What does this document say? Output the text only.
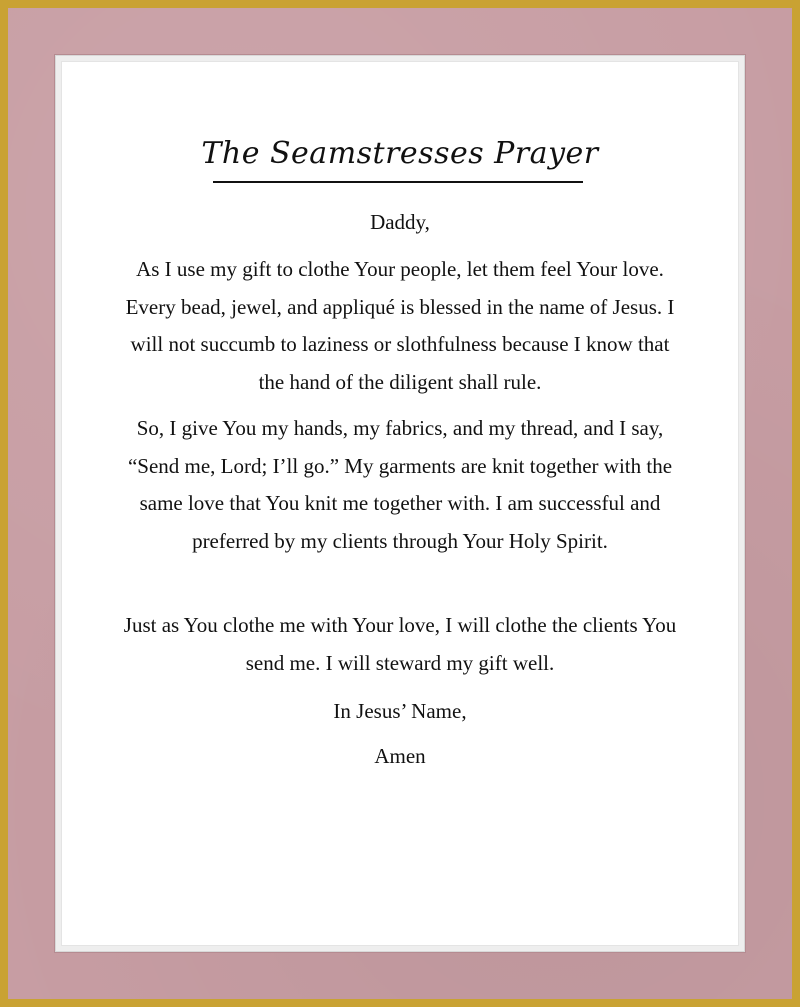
The Seamstresses Prayer
Daddy,
As I use my gift to clothe Your people, let them feel Your love. Every bead, jewel, and appliqué is blessed in the name of Jesus. I will not succumb to laziness or slothfulness because I know that the hand of the diligent shall rule.
So, I give You my hands, my fabrics, and my thread, and I say, “Send me, Lord; I’ll go.” My garments are knit together with the same love that You knit me together with. I am successful and preferred by my clients through Your Holy Spirit.
Just as You clothe me with Your love, I will clothe the clients You send me. I will steward my gift well.
In Jesus’ Name,
Amen
